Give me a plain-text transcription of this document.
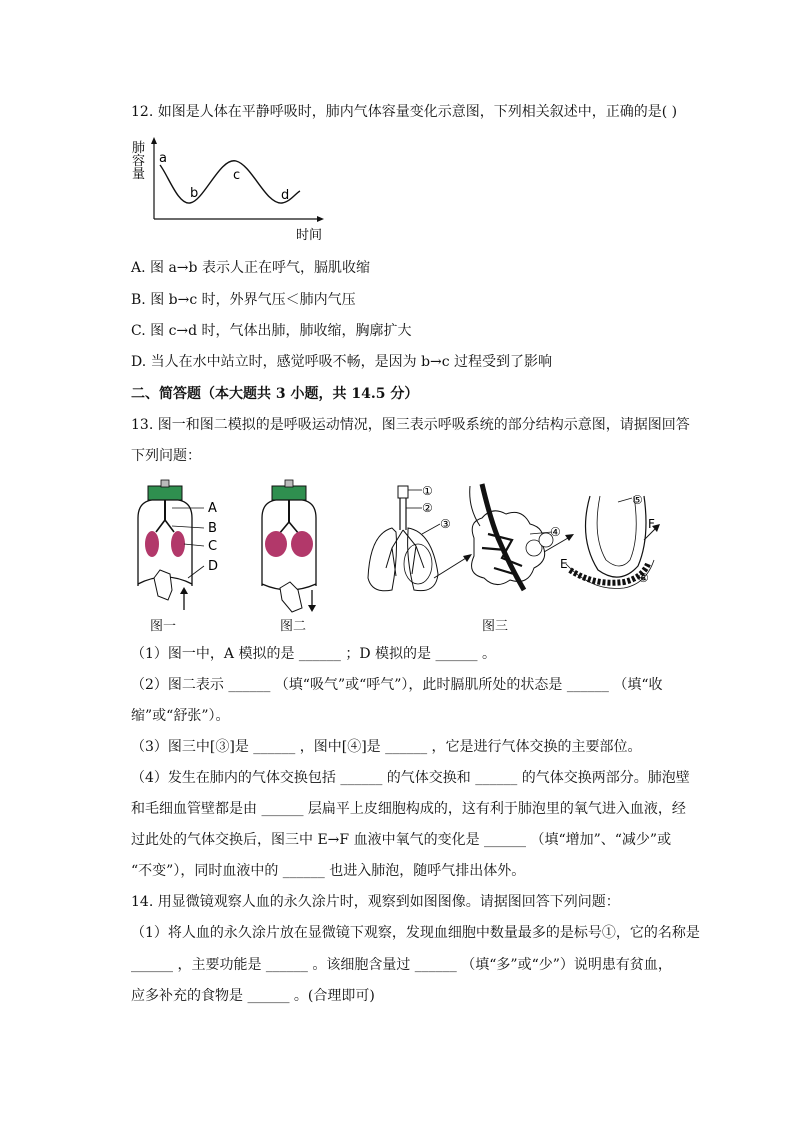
12. 如图是人体在平静呼吸时，肺内气体容量变化示意图，下列相关叙述中，正确的是( )
肺
容
量
a
b
c
d
时间
A. 图 a→b 表示人正在呼气，膈肌收缩
B. 图 b→c 时，外界气压＜肺内气压
C. 图 c→d 时，气体出肺，肺收缩，胸廓扩大
D. 当人在水中站立时，感觉呼吸不畅，是因为 b→c 过程受到了影响
二、简答题（本大题共 3 小题，共 14.5 分）
13. 图一和图二模拟的是呼吸运动情况，图三表示呼吸系统的部分结构示意图，请据图回答
下列问题：
A
B
C
D
①
②
③
④
⑤
⑥
E
F
图一	图二	图三
（1）图一中，A 模拟的是 ______ ；D 模拟的是 ______ 。
（2）图二表示 ______ （填“吸气”或“呼气”），此时膈肌所处的状态是 ______ （填“收
缩”或“舒张”）。
（3）图三中[③]是 ______ ，图中[④]是 ______ ，它是进行气体交换的主要部位。
（4）发生在肺内的气体交换包括 ______ 的气体交换和 ______ 的气体交换两部分。肺泡壁
和毛细血管壁都是由 ______ 层扁平上皮细胞构成的，这有利于肺泡里的氧气进入血液，经
过此处的气体交换后，图三中 E→F 血液中氧气的变化是 ______ （填“增加”、“减少”或
“不变”），同时血液中的 ______ 也进入肺泡，随呼气排出体外。
14. 用显微镜观察人血的永久涂片时，观察到如图图像。请据图回答下列问题：
（1）将人血的永久涂片放在显微镜下观察，发现血细胞中数量最多的是标号①，它的名称是
______ ，主要功能是 ______ 。该细胞含量过 ______ （填“多”或“少”）说明患有贫血，
应多补充的食物是 ______ 。(合理即可)
